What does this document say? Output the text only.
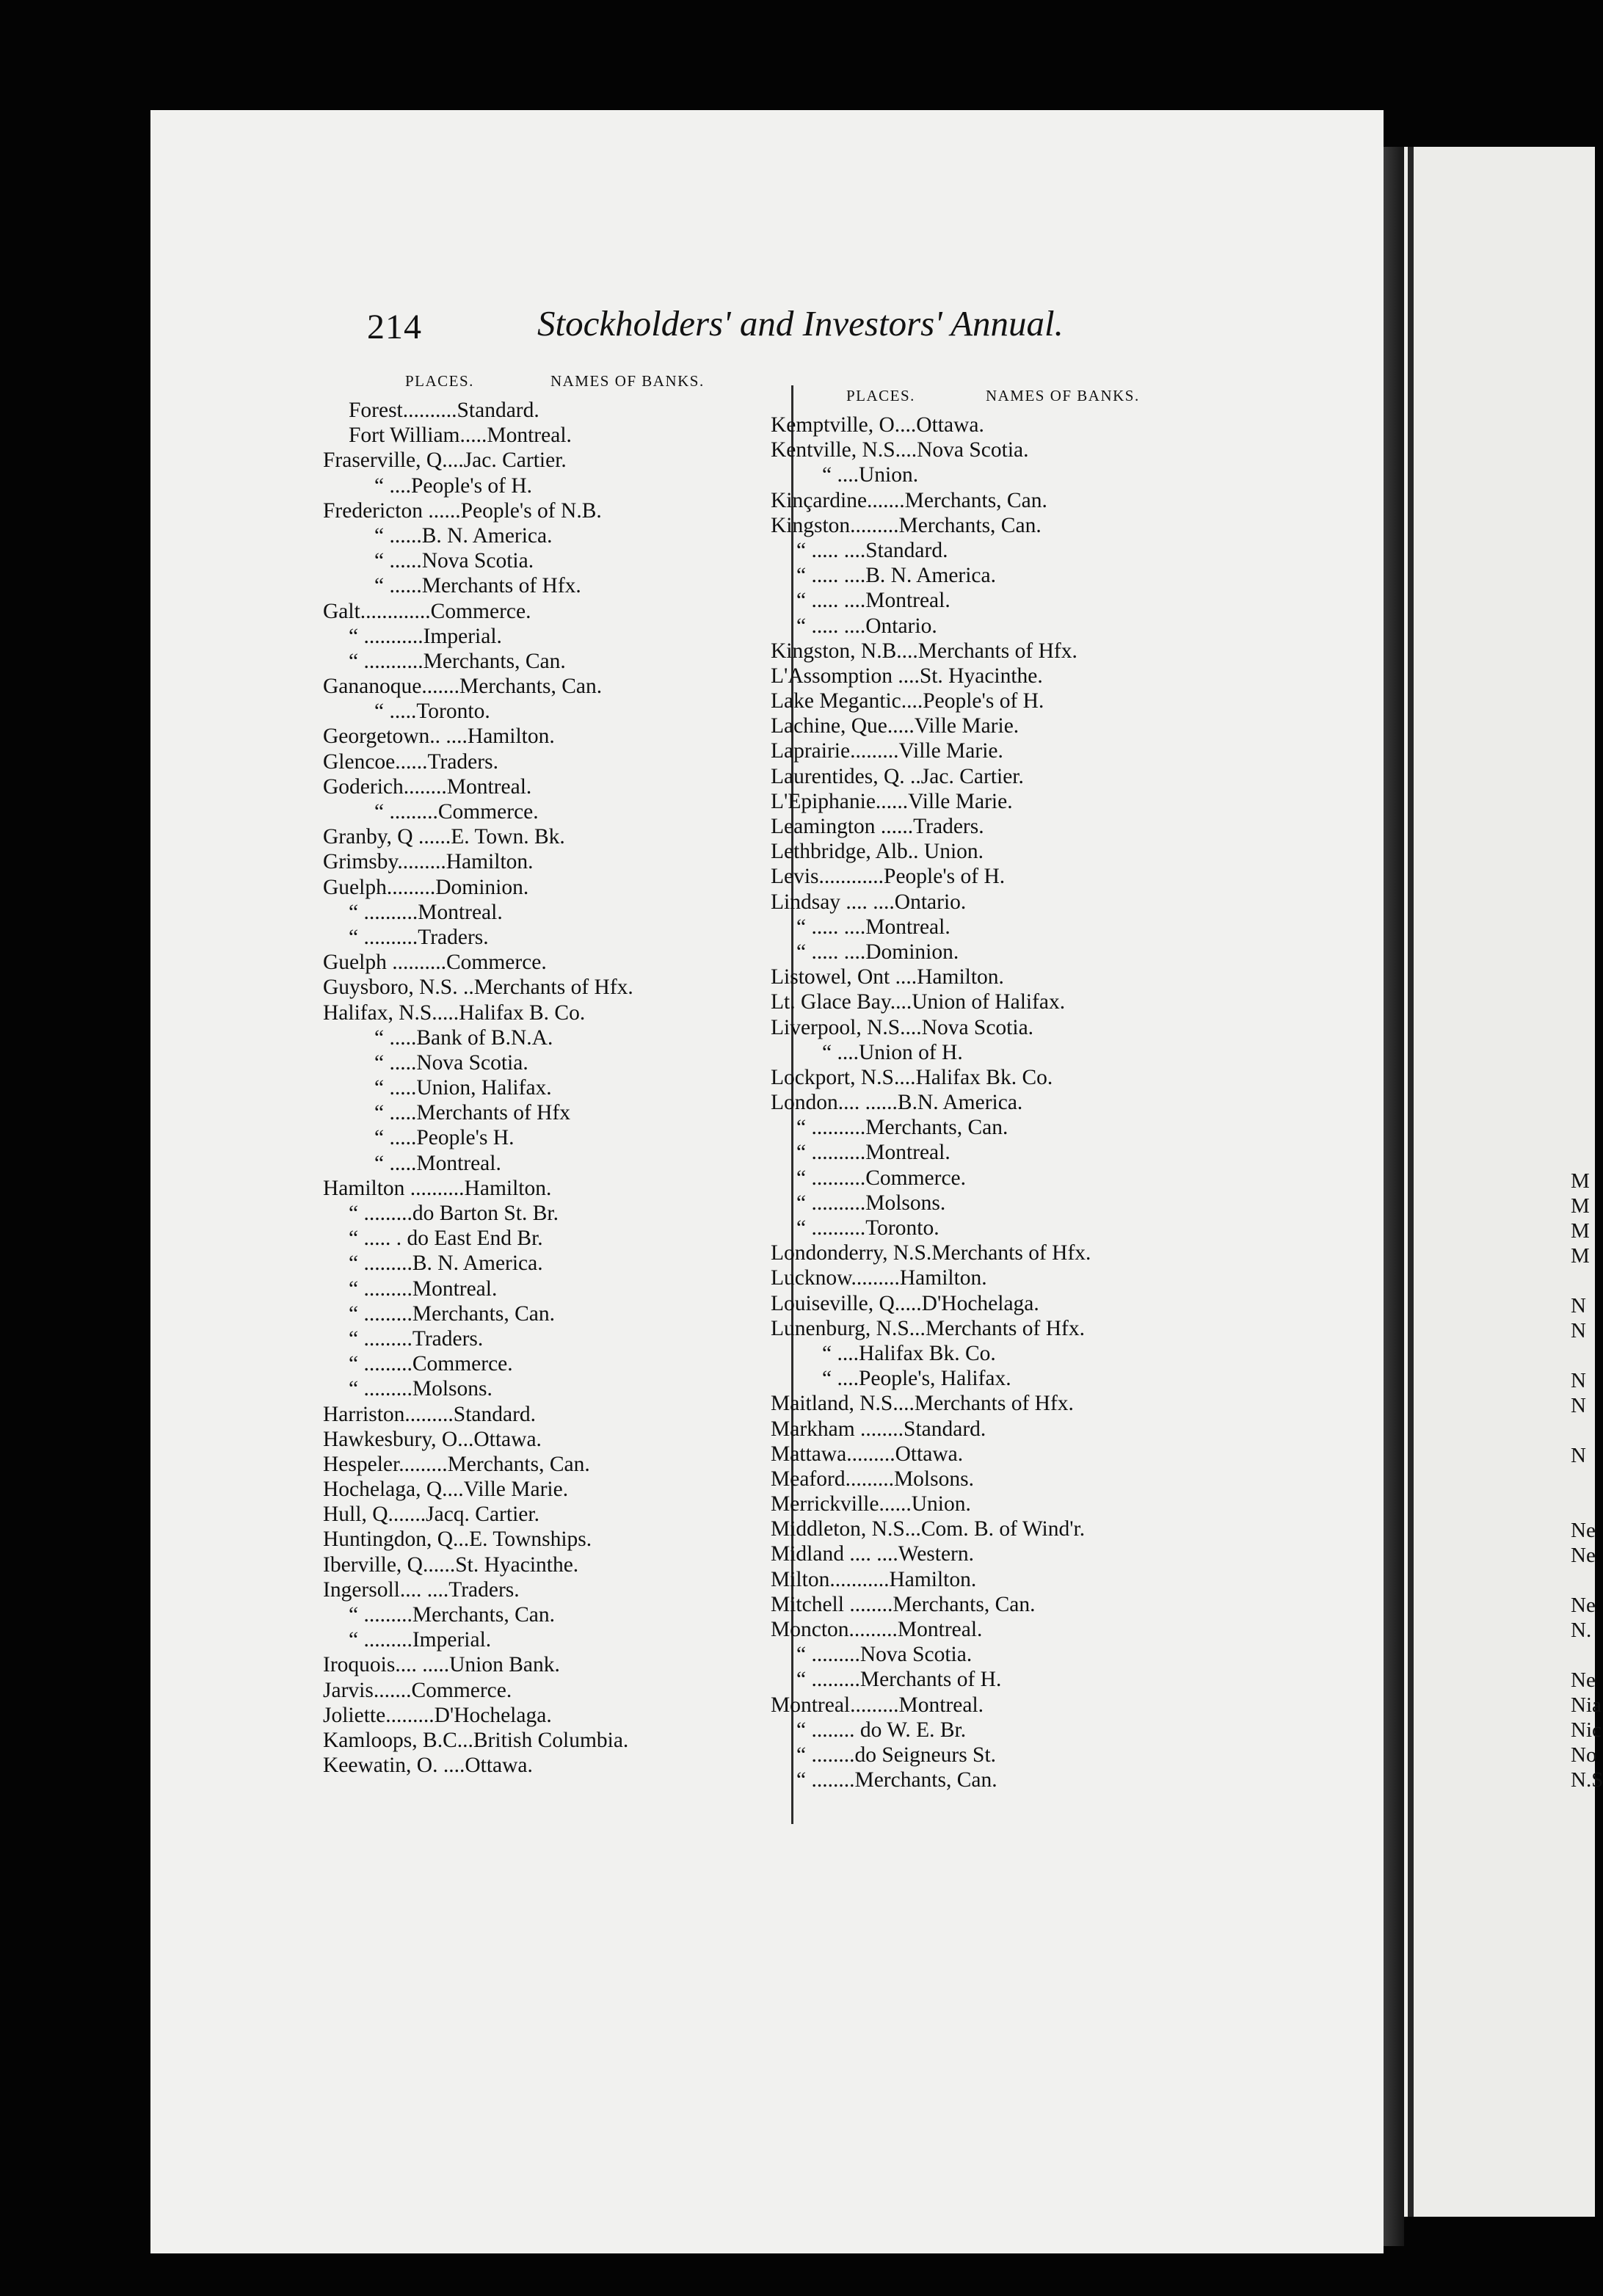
214	Stockholders' and Investors' Annual.
PLACES.	NAMES OF BANKS.
Forest..........Standard.
Fort William.....Montreal.
Fraserville, Q....Jac. Cartier.
“ ....People's of H.
Fredericton ......People's of N.B.
“ ......B. N. America.
“ ......Nova Scotia.
“ ......Merchants of Hfx.
Galt.............Commerce.
“ ...........Imperial.
“ ...........Merchants, Can.
Gananoque.......Merchants, Can.
“ .....Toronto.
Georgetown.. ....Hamilton.
Glencoe......Traders.
Goderich........Montreal.
“ .........Commerce.
Granby, Q ......E. Town. Bk.
Grimsby.........Hamilton.
Guelph.........Dominion.
“ ..........Montreal.
“ ..........Traders.
Guelph ..........Commerce.
Guysboro, N.S. ..Merchants of Hfx.
Halifax, N.S.....Halifax B. Co.
“ .....Bank of B.N.A.
“ .....Nova Scotia.
“ .....Union, Halifax.
“ .....Merchants of Hfx
“ .....People's H.
“ .....Montreal.
Hamilton ..........Hamilton.
“ .........do Barton St. Br.
“ ..... . do East End Br.
“ .........B. N. America.
“ .........Montreal.
“ .........Merchants, Can.
“ .........Traders.
“ .........Commerce.
“ .........Molsons.
Harriston.........Standard.
Hawkesbury, O...Ottawa.
Hespeler.........Merchants, Can.
Hochelaga, Q....Ville Marie.
Hull, Q.......Jacq. Cartier.
Huntingdon, Q...E. Townships.
Iberville, Q......St. Hyacinthe.
Ingersoll.... ....Traders.
“ .........Merchants, Can.
“ .........Imperial.
Iroquois.... .....Union Bank.
Jarvis.......Commerce.
Joliette.........D'Hochelaga.
Kamloops, B.C...British Columbia.
Keewatin, O. ....Ottawa.
PLACES.	NAMES OF BANKS.
Kemptville, O....Ottawa.
Kentville, N.S....Nova Scotia.
“ ....Union.
Kinçardine.......Merchants, Can.
Kingston.........Merchants, Can.
“ ..... ....Standard.
“ ..... ....B. N. America.
“ ..... ....Montreal.
“ ..... ....Ontario.
Kingston, N.B....Merchants of Hfx.
L'Assomption ....St. Hyacinthe.
Lake Megantic....People's of H.
Lachine, Que.....Ville Marie.
Laprairie.........Ville Marie.
Laurentides, Q. ..Jac. Cartier.
L'Epiphanie......Ville Marie.
Leamington ......Traders.
Lethbridge, Alb.. Union.
Levis............People's of H.
Lindsay .... ....Ontario.
“ ..... ....Montreal.
“ ..... ....Dominion.
Listowel, Ont ....Hamilton.
Lt. Glace Bay....Union of Halifax.
Liverpool, N.S....Nova Scotia.
“ ....Union of H.
Lockport, N.S....Halifax Bk. Co.
London.... ......B.N. America.
“ ..........Merchants, Can.
“ ..........Montreal.
“ ..........Commerce.
“ ..........Molsons.
“ ..........Toronto.
Londonderry, N.S.Merchants of Hfx.
Lucknow.........Hamilton.
Louiseville, Q.....D'Hochelaga.
Lunenburg, N.S...Merchants of Hfx.
“ ....Halifax Bk. Co.
“ ....People's, Halifax.
Maitland, N.S....Merchants of Hfx.
Markham ........Standard.
Mattawa.........Ottawa.
Meaford.........Molsons.
Merrickville......Union.
Middleton, N.S...Com. B. of Wind'r.
Midland .... ....Western.
Milton...........Hamilton.
Mitchell ........Merchants, Can.
Moncton.........Montreal.
“ .........Nova Scotia.
“ .........Merchants of H.
Montreal.........Montreal.
“ ........ do W. E. Br.
“ ........do Seigneurs St.
“ ........Merchants, Can.
M
M
M
M
N
N
N
N
N
Ne
Ne
Ne
N.
Ne
Nia
Nic
No
N.S
